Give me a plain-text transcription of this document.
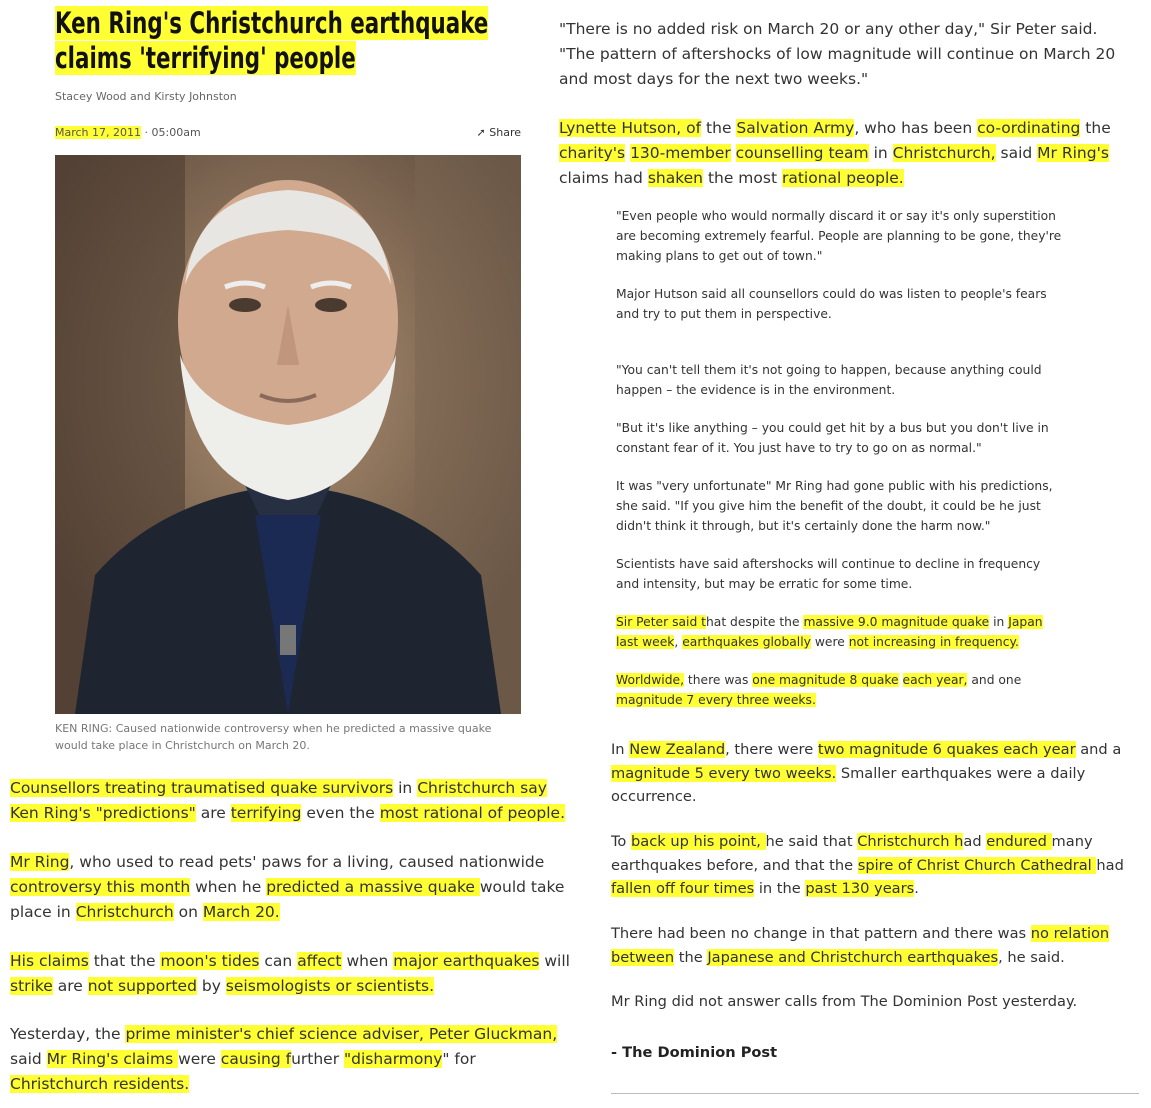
Ken Ring's Christchurch earthquake
claims 'terrifying' people
Stacey Wood and Kirsty Johnston
March 17, 2011 · 05:00am	➚ Share
KEN RING: Caused nationwide controversy when he predicted a massive quake would take place in Christchurch on March 20.

Counsellors treating traumatised quake survivors in Christchurch say
Ken Ring's "predictions" are terrifying even the most rational of people.

Mr Ring, who used to read pets' paws for a living, caused nationwide
controversy this month when he predicted a massive quake would take
place in Christchurch on March 20.

His claims that the moon's tides can affect when major earthquakes will
strike are not supported by seismologists or scientists.

Yesterday, the prime minister's chief science adviser, Peter Gluckman,
said Mr Ring's claims were causing further "disharmony" for
Christchurch residents.

"There is no added risk on March 20 or any other day," Sir Peter said.
"The pattern of aftershocks of low magnitude will continue on March 20
and most days for the next two weeks."

Lynette Hutson, of the Salvation Army, who has been co-ordinating the
charity's 130-member counselling team in Christchurch, said Mr Ring's
claims had shaken the most rational people.

"Even people who would normally discard it or say it's only superstition
are becoming extremely fearful. People are planning to be gone, they're
making plans to get out of town."

Major Hutson said all counsellors could do was listen to people's fears
and try to put them in perspective.

"You can't tell them it's not going to happen, because anything could
happen – the evidence is in the environment.

"But it's like anything – you could get hit by a bus but you don't live in
constant fear of it. You just have to try to go on as normal."

It was "very unfortunate" Mr Ring had gone public with his predictions,
she said. "If you give him the benefit of the doubt, it could be he just
didn't think it through, but it's certainly done the harm now."

Scientists have said aftershocks will continue to decline in frequency
and intensity, but may be erratic for some time.

Sir Peter said that despite the massive 9.0 magnitude quake in Japan
last week, earthquakes globally were not increasing in frequency.

Worldwide, there was one magnitude 8 quake each year, and one
magnitude 7 every three weeks.

In New Zealand, there were two magnitude 6 quakes each year and a
magnitude 5 every two weeks. Smaller earthquakes were a daily
occurrence.

To back up his point, he said that Christchurch had endured many
earthquakes before, and that the spire of Christ Church Cathedral had
fallen off four times in the past 130 years.

There had been no change in that pattern and there was no relation
between the Japanese and Christchurch earthquakes, he said.

Mr Ring did not answer calls from The Dominion Post yesterday.

- The Dominion Post
